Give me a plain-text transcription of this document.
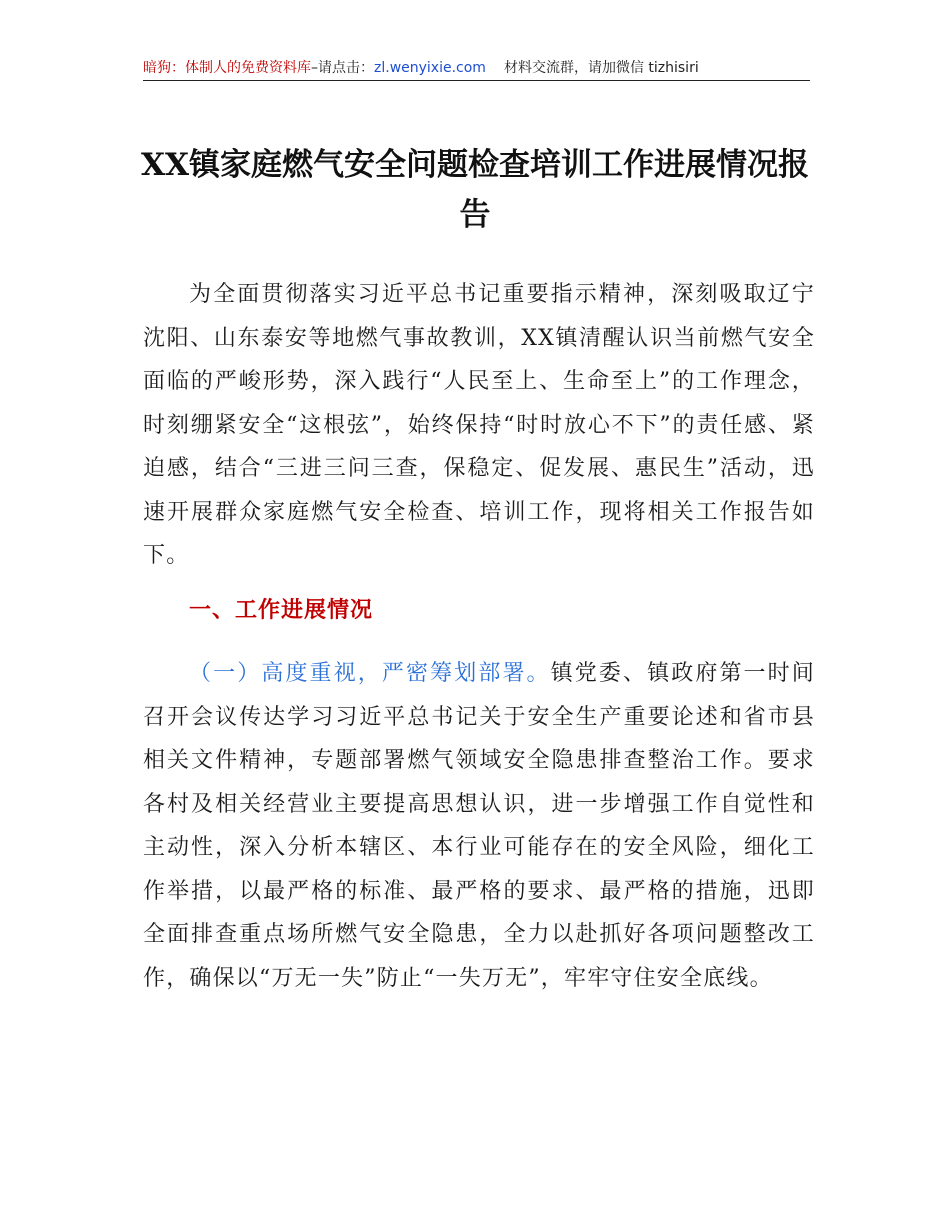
暗狗：体制人的免费资料库–请点击：zl.wenyixie.com 材料交流群，请加微信 tizhisiri
XX镇家庭燃气安全问题检查培训工作进展情况报告
为全面贯彻落实习近平总书记重要指示精神，深刻吸取辽宁沈阳、山东泰安等地燃气事故教训，XX镇清醒认识当前燃气安全面临的严峻形势，深入践行“人民至上、生命至上”的工作理念，时刻绷紧安全“这根弦”，始终保持“时时放心不下”的责任感、紧迫感，结合“三进三问三查，保稳定、促发展、惠民生”活动，迅速开展群众家庭燃气安全检查、培训工作，现将相关工作报告如下。
一、工作进展情况
（一）高度重视，严密筹划部署。镇党委、镇政府第一时间召开会议传达学习习近平总书记关于安全生产重要论述和省市县相关文件精神，专题部署燃气领域安全隐患排查整治工作。要求各村及相关经营业主要提高思想认识，进一步增强工作自觉性和主动性，深入分析本辖区、本行业可能存在的安全风险，细化工作举措，以最严格的标准、最严格的要求、最严格的措施，迅即全面排查重点场所燃气安全隐患，全力以赴抓好各项问题整改工作，确保以“万无一失”防止“一失万无”，牢牢守住安全底线。
